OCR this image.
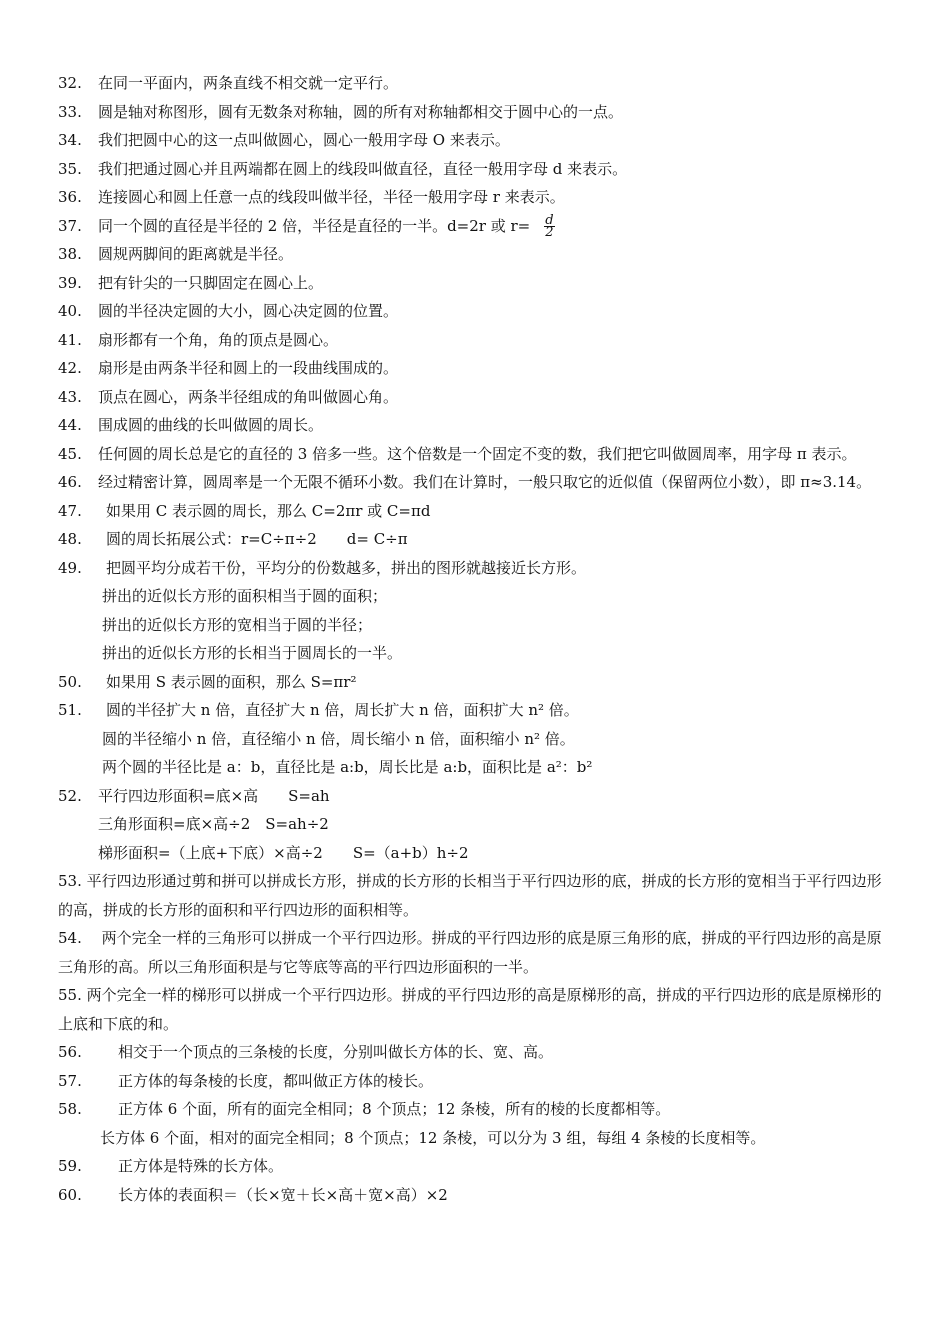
32.	在同一平面内，两条直线不相交就一定平行。
33.	圆是轴对称图形，圆有无数条对称轴，圆的所有对称轴都相交于圆中心的一点。
34.	我们把圆中心的这一点叫做圆心，圆心一般用字母 O 来表示。
35.	我们把通过圆心并且两端都在圆上的线段叫做直径，直径一般用字母 d 来表示。
36.	连接圆心和圆上任意一点的线段叫做半径，半径一般用字母 r 来表示。
37.	同一个圆的直径是半径的 2 倍，半径是直径的一半。d=2r 或 $r= \frac{d}{2}$
38.	圆规两脚间的距离就是半径。
39.	把有针尖的一只脚固定在圆心上。
40.	圆的半径决定圆的大小，圆心决定圆的位置。
41.	扇形都有一个角，角的顶点是圆心。
42.	扇形是由两条半径和圆上的一段曲线围成的。
43.	顶点在圆心，两条半径组成的角叫做圆心角。
44.	围成圆的曲线的长叫做圆的周长。
45.	任何圆的周长总是它的直径的 3 倍多一些。这个倍数是一个固定不变的数，我们把它叫做圆周率，用字母 π 表示。
46.	经过精密计算，圆周率是一个无限不循环小数。我们在计算时，一般只取它的近似值（保留两位小数），即 π≈3.14。
47.	如果用 C 表示圆的周长，那么 C=2πr 或 C=πd
48.	圆的周长拓展公式：r=C÷π÷2　　d= C÷π
49.	把圆平均分成若干份，平均分的份数越多，拼出的图形就越接近长方形。
拼出的近似长方形的面积相当于圆的面积；
拼出的近似长方形的宽相当于圆的半径；
拼出的近似长方形的长相当于圆周长的一半。
50.	如果用 S 表示圆的面积，那么 S=πr²
51.	圆的半径扩大 n 倍，直径扩大 n 倍，周长扩大 n 倍，面积扩大 n² 倍。
圆的半径缩小 n 倍，直径缩小 n 倍，周长缩小 n 倍，面积缩小 n² 倍。
两个圆的半径比是 a：b，直径比是 a:b，周长比是 a:b，面积比是 a²：b²
52.	平行四边形面积=底×高　　S=ah
三角形面积=底×高÷2　S=ah÷2
梯形面积=（上底+下底）×高÷2　　S=（a+b）h÷2
53. 平行四边形通过剪和拼可以拼成长方形，拼成的长方形的长相当于平行四边形的底，拼成的长方形的宽相当于平行四边形的高，拼成的长方形的面积和平行四边形的面积相等。
54.　 两个完全一样的三角形可以拼成一个平行四边形。拼成的平行四边形的底是原三角形的底，拼成的平行四边形的高是原三角形的高。所以三角形面积是与它等底等高的平行四边形面积的一半。
55. 两个完全一样的梯形可以拼成一个平行四边形。拼成的平行四边形的高是原梯形的高，拼成的平行四边形的底是原梯形的上底和下底的和。
56.	相交于一个顶点的三条棱的长度，分别叫做长方体的长、宽、高。
57.	正方体的每条棱的长度，都叫做正方体的棱长。
58.	正方体 6 个面，所有的面完全相同；8 个顶点；12 条棱，所有的棱的长度都相等。
长方体 6 个面，相对的面完全相同；8 个顶点；12 条棱，可以分为 3 组，每组 4 条棱的长度相等。
59.	正方体是特殊的长方体。
60.	长方体的表面积＝（长×宽＋长×高＋宽×高）×2
